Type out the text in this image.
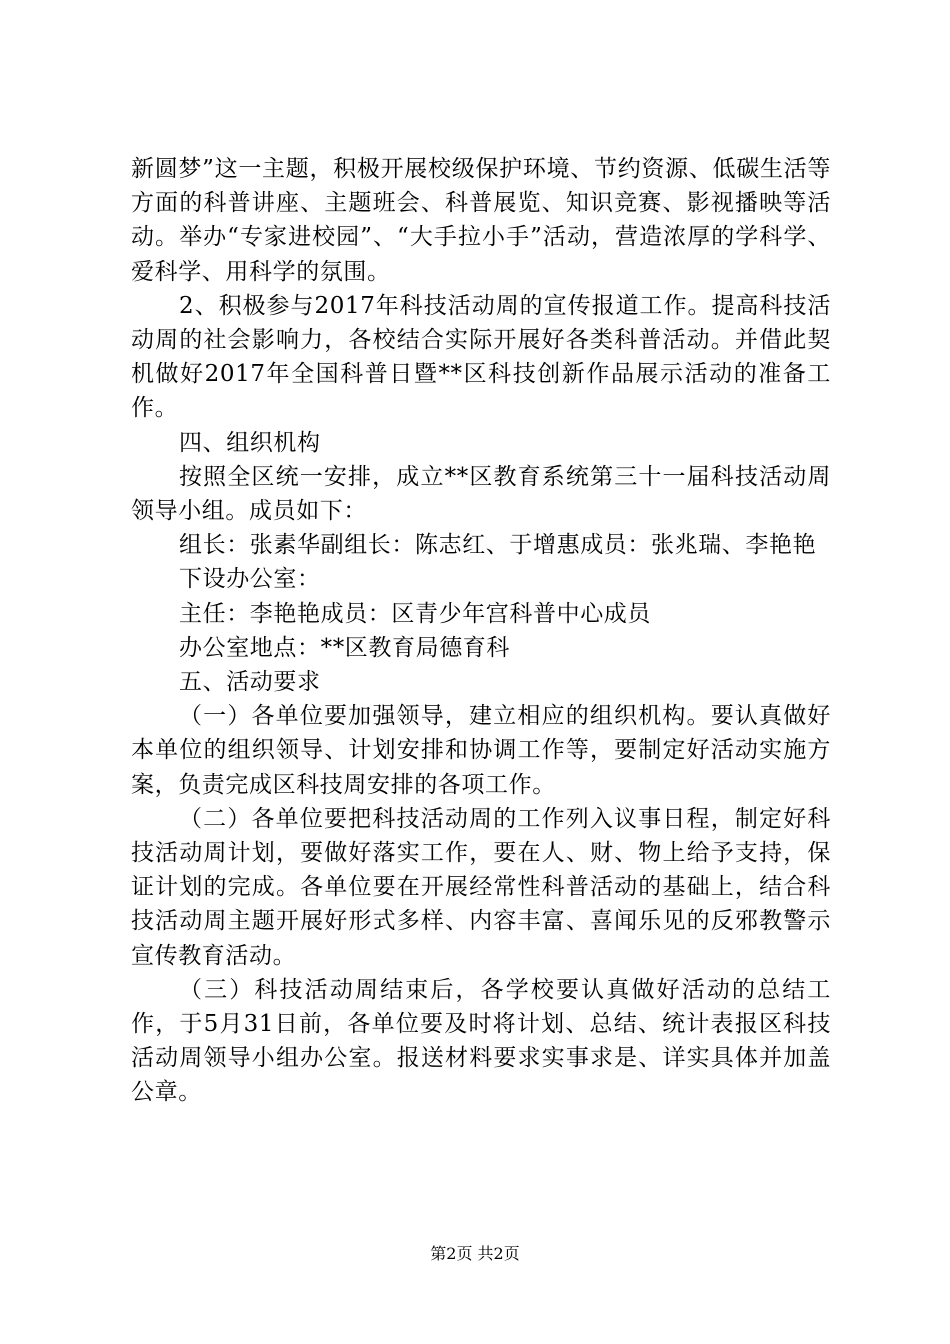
新圆梦”这一主题，积极开展校级保护环境、节约资源、低碳生活等方面的科普讲座、主题班会、科普展览、知识竞赛、影视播映等活动。举办“专家进校园”、“大手拉小手”活动，营造浓厚的学科学、爱科学、用科学的氛围。

2、积极参与2017年科技活动周的宣传报道工作。提高科技活动周的社会影响力，各校结合实际开展好各类科普活动。并借此契机做好2017年全国科普日暨**区科技创新作品展示活动的准备工作。

四、组织机构

按照全区统一安排，成立**区教育系统第三十一届科技活动周领导小组。成员如下：

组长：张素华副组长：陈志红、于增惠成员：张兆瑞、李艳艳

下设办公室：

主任：李艳艳成员：区青少年宫科普中心成员

办公室地点：**区教育局德育科

五、活动要求

（一）各单位要加强领导，建立相应的组织机构。要认真做好本单位的组织领导、计划安排和协调工作等，要制定好活动实施方案，负责完成区科技周安排的各项工作。

（二）各单位要把科技活动周的工作列入议事日程，制定好科技活动周计划，要做好落实工作，要在人、财、物上给予支持，保证计划的完成。各单位要在开展经常性科普活动的基础上，结合科技活动周主题开展好形式多样、内容丰富、喜闻乐见的反邪教警示宣传教育活动。

（三）科技活动周结束后，各学校要认真做好活动的总结工作，于5月31日前，各单位要及时将计划、总结、统计表报区科技活动周领导小组办公室。报送材料要求实事求是、详实具体并加盖公章。

第2页 共2页
